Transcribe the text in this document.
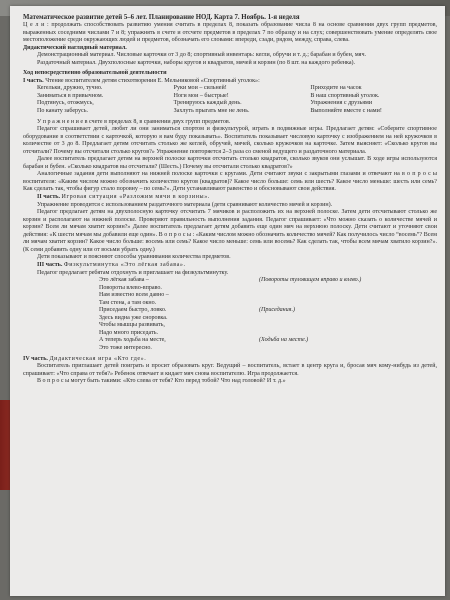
Математическое развитие детей 5–6 лет. Планирование НОД. Карта 7. Ноябрь. 1-я неделя

Ц е л и : продолжать способствовать развитию умения считать в пределах 8, показать образование числа 8 на основе сравнения двух групп предметов, выраженных соседними числами 7 и 8; упражнять в счете и отсчете предметов в пределах 7 по образцу и на слух; совершенствовать умение определять свое местоположение среди окружающих людей и предметов, обозначать его словами: впереди, сзади, рядом, между, справа, слева.

Дидактический наглядный материал.

Демонстрационный материал. Числовые карточки от 3 до 8; спортивный инвентарь: кегли, обручи и т. д.; барабан и бубен, мяч.

Раздаточный материал. Двухполосные карточки, наборы кругов и квадратов, мячей и корзин (по 8 шт. на каждого ребенка).

Ход непосредственно образовательной деятельности

I часть. Чтение воспитателем детям стихотворения Е. Мельниковой «Спортивный уголок»:

Кегельки, дружно, тучно.	Руки мои – сильней!	Приходите на часок
Заниматься в привычном.	Ноги мои – быстрые!	В наш спортивный уголок.
Подтянусь, отожмусь,	Тренируюсь каждый день.	Упражнения с друзьями
По канату заберусь.	Захлуть прыгать мне не лень.	Выполняйте вместе с нами!

У п р а ж н е н и е в счете в пределах 8, в сравнении двух групп предметов.

Педагог спрашивает детей, любят ли они заниматься спортом и физкультурой, играть в подвижные игры. Предлагает детям: «Соберите спортивное оборудование в соответствии с карточкой, которую я вам буду показывать». Воспитатель показывает числовую карточку с изображением на ней кружочков в количестве от 3 до 8. Предлагает детям отсчитать столько же кеглей, обручей, мячей, сколько кружочков на карточке. Затем выясняет: «Сколько кругов вы отсчитали? Почему вы отсчитали столько кругов?» Упражнение повторяется 2–3 раза со сменой ведущего и раздаточного материала.

Далее воспитатель предлагает детям на верхней полоске карточки отсчитать столько квадратов, сколько звуков они услышат. В ходе игры используются барабан и бубен. «Сколько квадратов вы отсчитали? (Шесть.) Почему вы отсчитали столько квадратов?»

Аналогичные задания дети выполняют на нижней полоске карточки с кругами. Дети считают звуки с закрытыми глазами и отвечают на в о п р о с ы воспитателя: «Каким числом можно обозначить количество кругов (квадратов)? Какое число больше: семь или шесть? Какое число меньше: шесть или семь? Как сделать так, чтобы фигур стало поровну – по семь?». Дети устанавливают равенство и обосновывают свои действия.

II часть. Игровая ситуация «Разложим мячи в корзины».

Упражнение проводится с использованием раздаточного материала (дети сравнивают количество мячей и корзин).

Педагог предлагает детям на двухполосную карточку отсчитать 7 мячиков и расположить их на верхней полоске. Затем дети отсчитывают столько же корзин и располагают на нижней полоске. Проверяют правильность выполнения задания. Педагог спрашивает: «Что можно сказать о количестве мячей и корзин? Всем ли мячам хватит корзин?» Далее воспитатель предлагает детям добавить еще один мяч на верхнюю полоску. Дети считают и уточняют свои действия: «К шести мячам мы добавили еще один». В о п р о с ы : «Каким числом можно обозначить количество мячей? Как получилось число “восемь”? Всем ли мячам хватит корзин? Какое число больше: восемь или семь? Какое число меньше: семь или восемь? Как сделать так, чтобы всем мячам хватило корзин?». (К семи добавить одну или от восьми убрать одну.)

Дети показывают и поясняют способы уравнивания количества предметов.

III часть. Физкультминутка «Это лёгкая забава».

Педагог предлагает ребятам отдохнуть и приглашает на физкультминутку.

Это лёгкая забава –	(Повороты туловищем вправо и влево.)
Повороты влево-вправо.
Нам известно всем давно –
Там стена, а там окно.
Приседаем быстро, ловко.	(Приседания.)
Здесь видна уже сноровка.
Чтобы мышцы развивать,
Надо много приседать.
А теперь ходьба на месте,	(Ходьба на месте.)
Это тоже интересно.

IV часть. Дидактическая игра «Кто где».

Воспитатель приглашает детей поиграть и просит образовать круг. Ведущий – воспитатель, встает в центр круга и, бросая мяч кому-нибудь из детей, спрашивает: «Что справа от тебя?» Ребенок отвечает и кидает мяч снова воспитателю. Игра продолжается.

В о п р о с ы могут быть такими: «Кто слева от тебя? Кто перед тобой? Что над головой? И т. д.»
